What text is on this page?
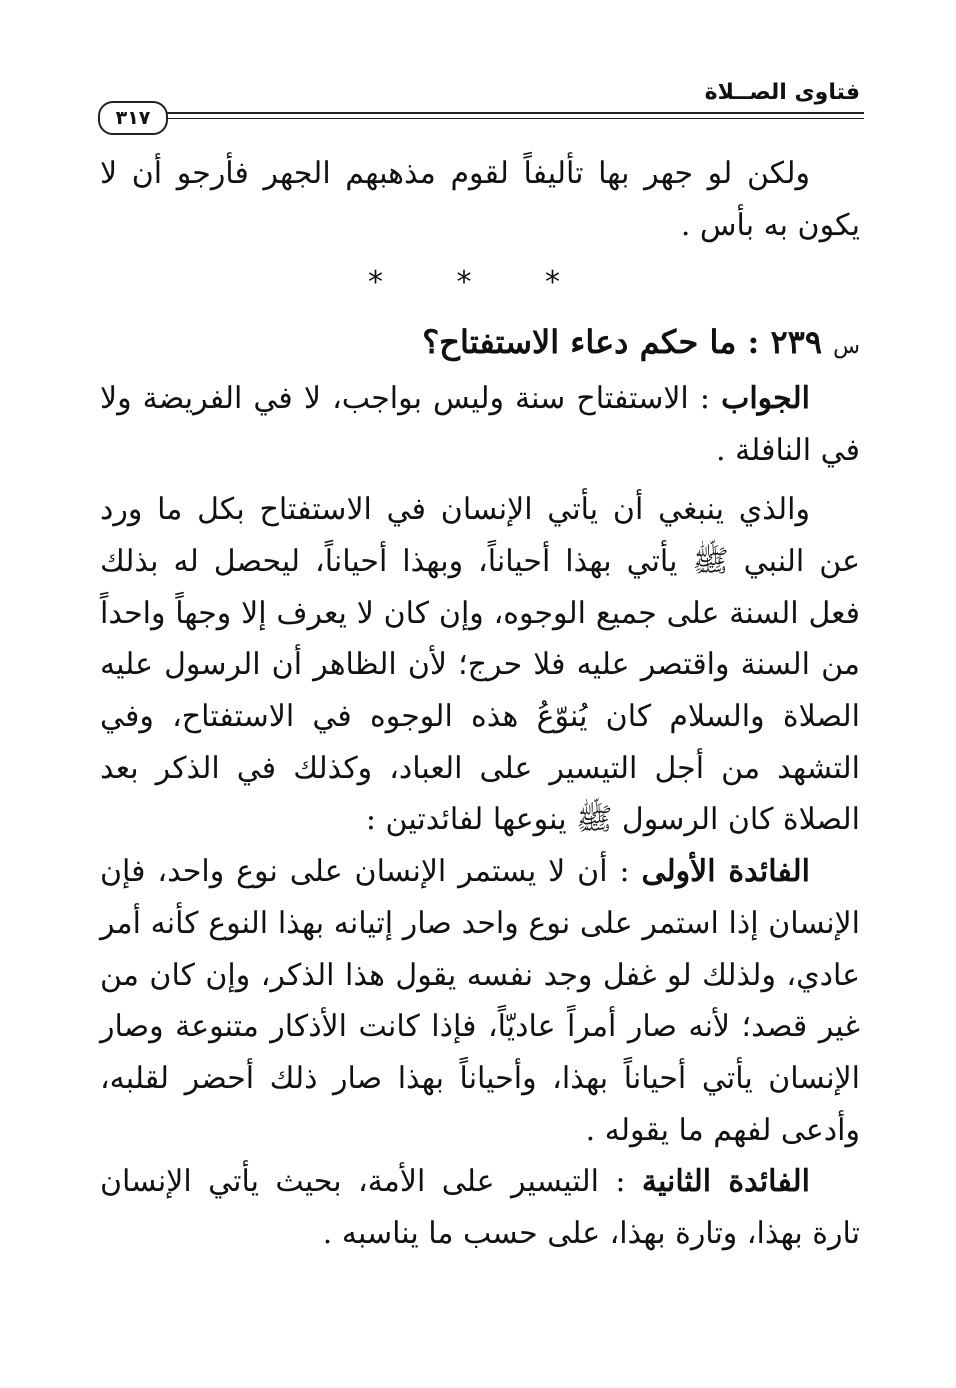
فتاوى الصــلاة
٣١٧

ولكن لو جهر بها تأليفاً لقوم مذهبهم الجهر فأرجو أن لا يكون به بأس .

* * *

س ٢٣٩ : ما حكم دعاء الاستفتاح؟

الجواب : الاستفتاح سنة وليس بواجب، لا في الفريضة ولا في النافلة .

والذي ينبغي أن يأتي الإنسان في الاستفتاح بكل ما ورد عن النبي ﷺ يأتي بهذا أحياناً، وبهذا أحياناً، ليحصل له بذلك فعل السنة على جميع الوجوه، وإن كان لا يعرف إلا وجهاً واحداً من السنة واقتصر عليه فلا حرج؛ لأن الظاهر أن الرسول عليه الصلاة والسلام كان يُنوّعُ هذه الوجوه في الاستفتاح، وفي التشهد من أجل التيسير على العباد، وكذلك في الذكر بعد الصلاة كان الرسول ﷺ ينوعها لفائدتين :

الفائدة الأولى : أن لا يستمر الإنسان على نوع واحد، فإن الإنسان إذا استمر على نوع واحد صار إتيانه بهذا النوع كأنه أمر عادي، ولذلك لو غفل وجد نفسه يقول هذا الذكر، وإن كان من غير قصد؛ لأنه صار أمراً عاديّاً، فإذا كانت الأذكار متنوعة وصار الإنسان يأتي أحياناً بهذا، وأحياناً بهذا صار ذلك أحضر لقلبه، وأدعى لفهم ما يقوله .

الفائدة الثانية : التيسير على الأمة، بحيث يأتي الإنسان تارة بهذا، وتارة بهذا، على حسب ما يناسبه .
